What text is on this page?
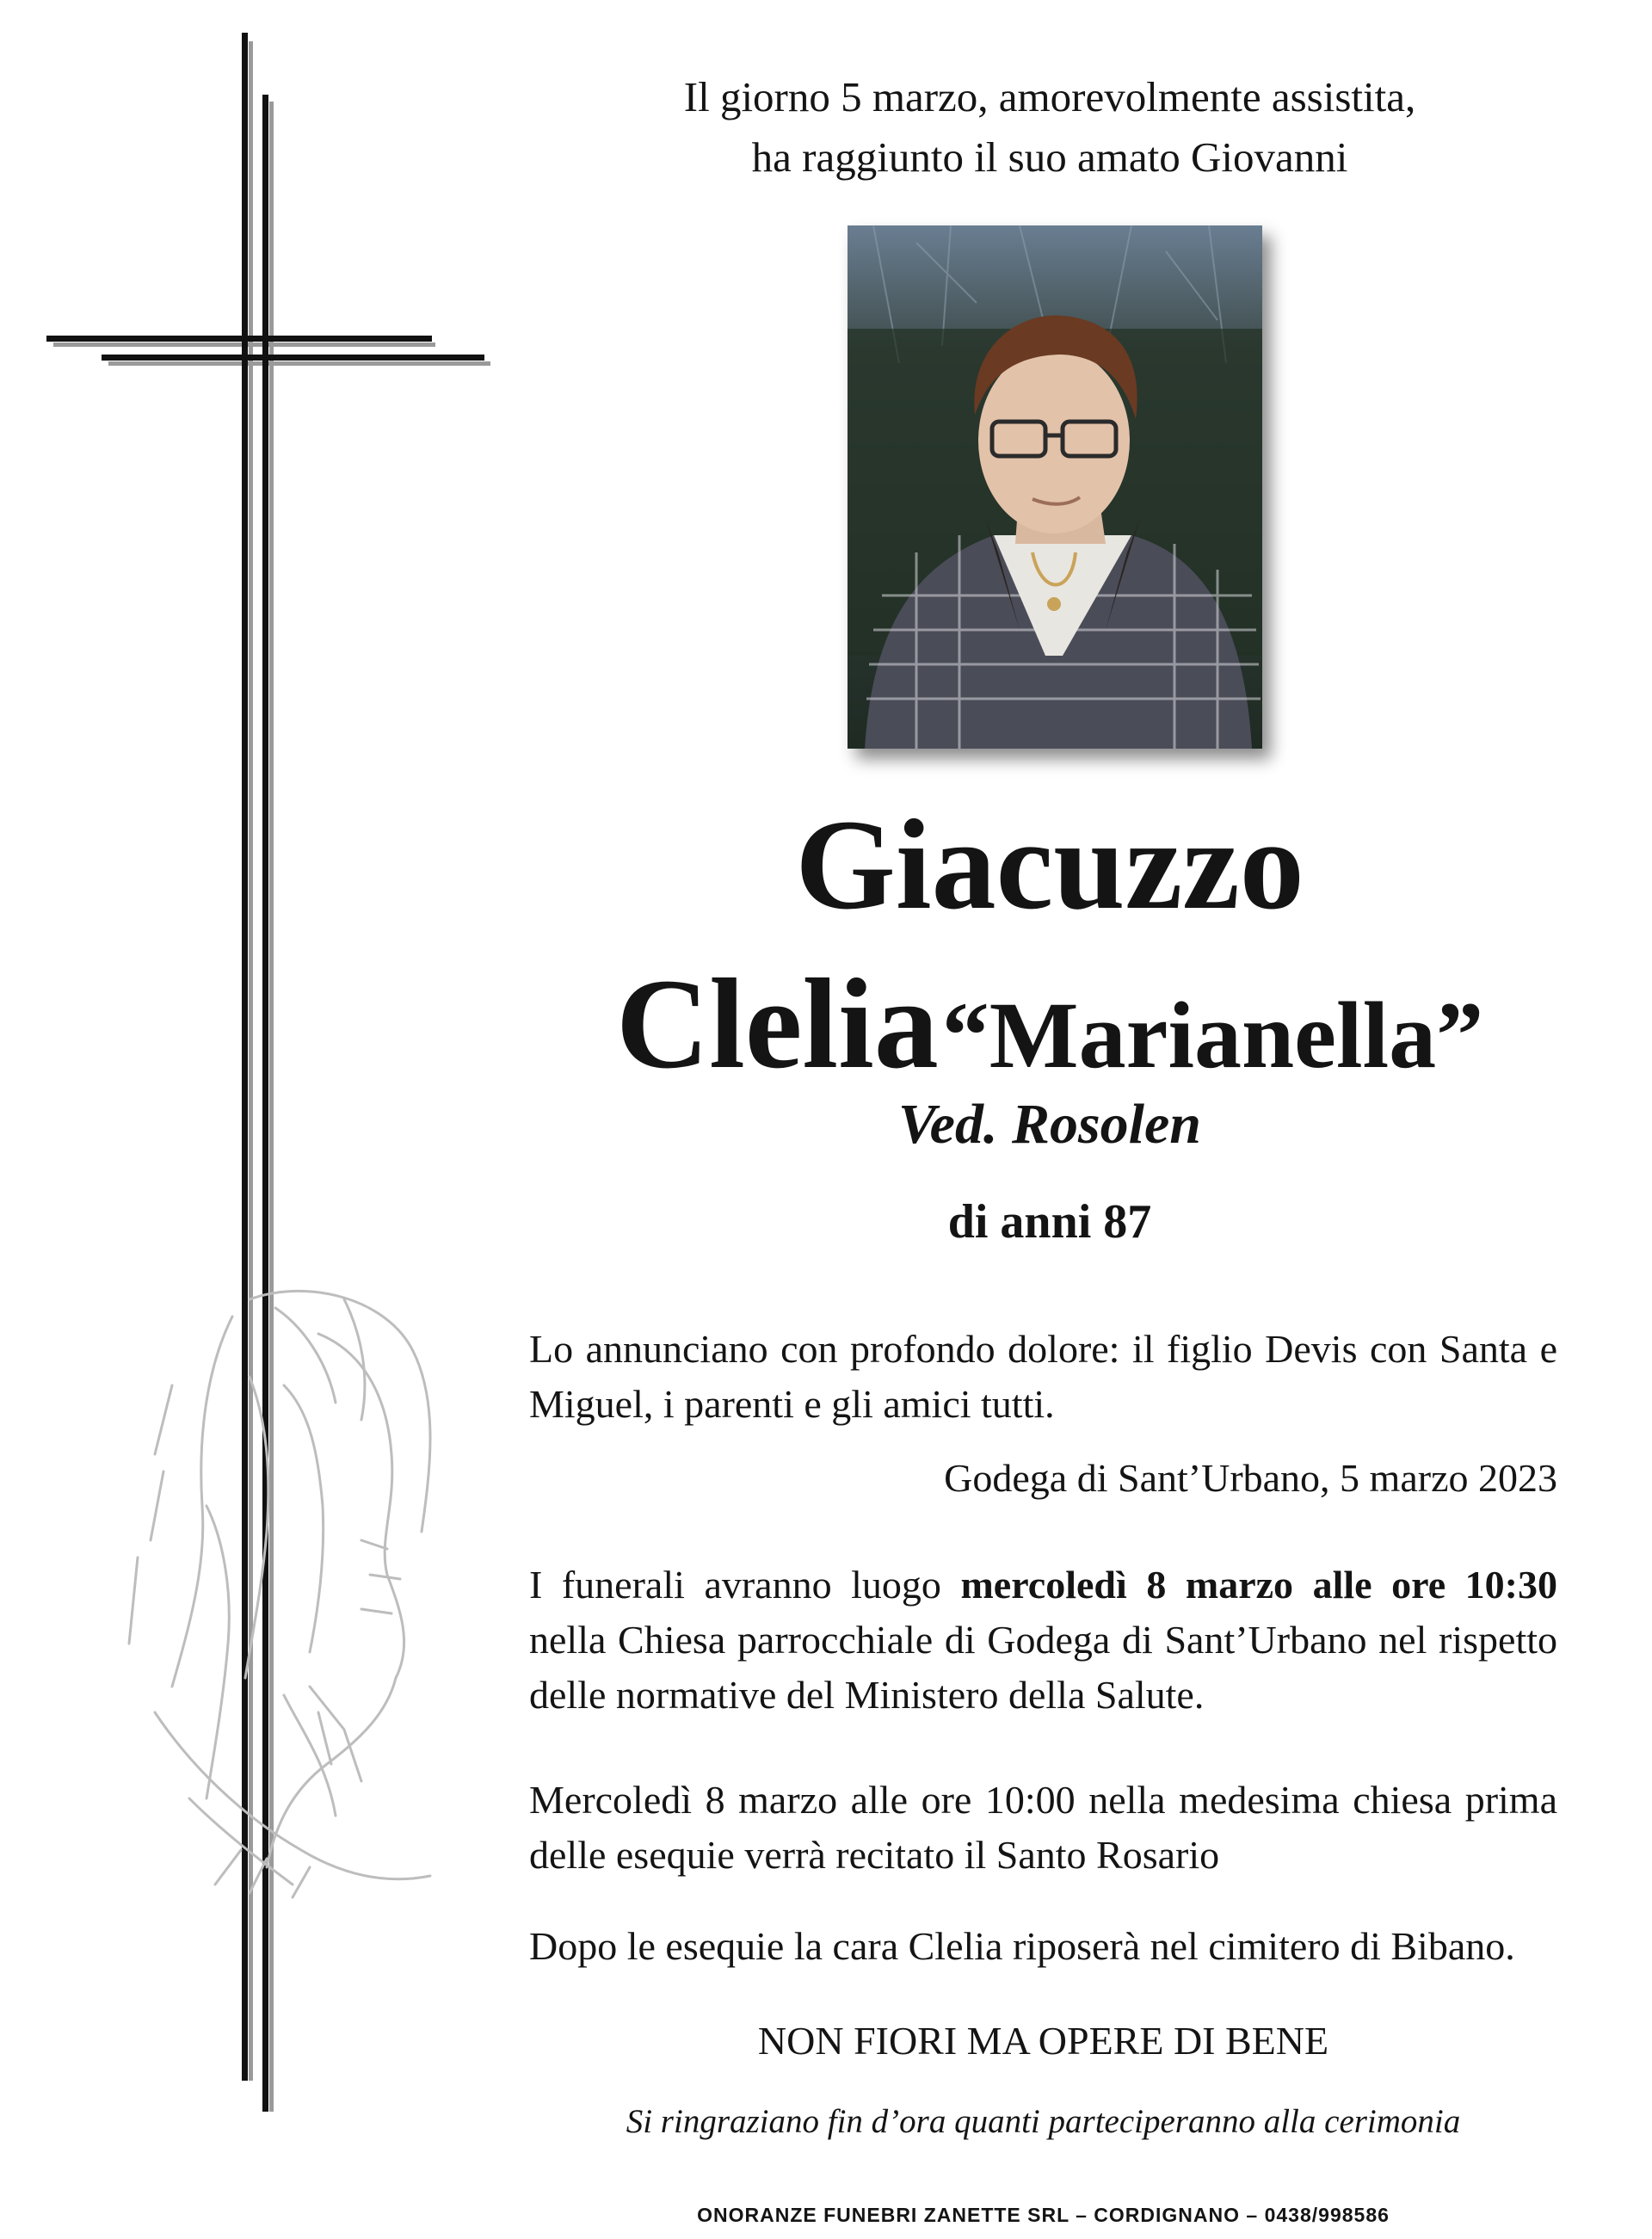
Il giorno 5 marzo, amorevolmente assistita,
ha raggiunto il suo amato Giovanni
Giacuzzo
Clelia “Marianella”
Ved. Rosolen
di anni 87
Lo annunciano con profondo dolore: il figlio Devis con Santa e Miguel, i parenti e gli amici tutti.
Godega di Sant’Urbano, 5 marzo 2023
I funerali avranno luogo mercoledì 8 marzo alle ore 10:30 nella Chiesa parrocchiale di Godega di Sant’Urbano nel rispetto delle normative del Ministero della Salute.
Mercoledì 8 marzo alle ore 10:00 nella medesima chiesa prima delle esequie verrà recitato il Santo Rosario
Dopo le esequie la cara Clelia riposerà nel cimitero di Bibano.
NON FIORI MA OPERE DI BENE
Si ringraziano fin d’ora quanti parteciperanno alla cerimonia
ONORANZE FUNEBRI ZANETTE SRL – CORDIGNANO – 0438/998586
